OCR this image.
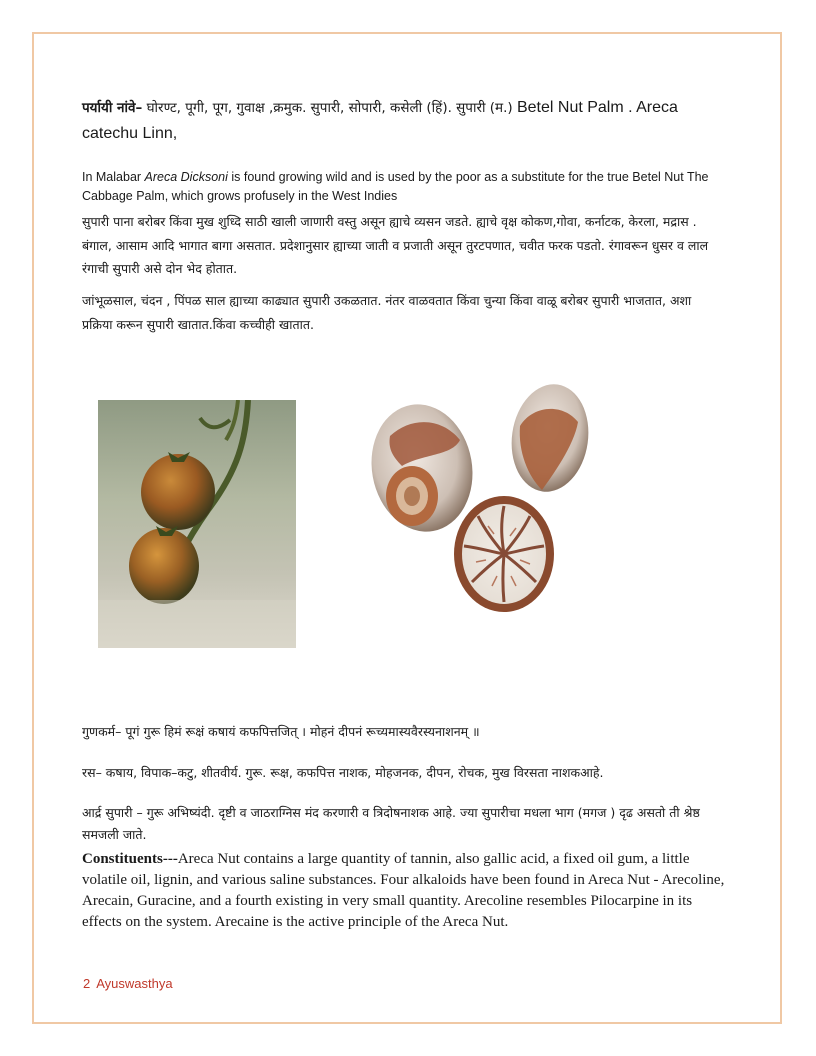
पर्यायी नांवे– घोरण्ट, पूगी, पूग, गुवाक्ष ,क्रमुक. सुपारी, सोपारी, कसेली (हिं). सुपारी (म.) Betel Nut Palm . Areca catechu Linn,
In Malabar Areca Dicksoni is found growing wild and is used by the poor as a substitute for the true Betel Nut The Cabbage Palm, which grows profusely in the West Indies
सुपारी पाना बरोबर किंवा मुख शुध्दि साठी खाली जाणारी वस्तु असून ह्याचे व्यसन जडते. ह्याचे वृक्ष कोकण,गोवा, कर्नाटक, केरला, मद्रास . बंगाल, आसाम आदि भागात बागा असतात. प्रदेशानुसार ह्याच्या जाती व प्रजाती असून तुरटपणात, चवीत फरक पडतो. रंगावरून धुसर व लाल रंगाची सुपारी असे दोन भेद होतात.
जांभूळसाल, चंदन , पिंपळ साल ह्याच्या काढ्यात सुपारी उकळतात. नंतर वाळवतात किंवा चुन्या किंवा वाळू बरोबर सुपारी भाजतात, अशा प्रक्रिया करून सुपारी खातात.किंवा कच्चीही खातात.
गुणकर्म– पूगं गुरू हिमं रूक्षं कषायं कफपित्तजित् । मोहनं दीपनं रूच्यमास्यवैरस्यनाशनम् ॥
रस– कषाय, विपाक–कटु, शीतवीर्य. गुरू. रूक्ष, कफपित्त नाशक, मोहजनक, दीपन, रोचक, मुख विरसता नाशकआहे.
आर्द्र सुपारी – गुरू अभिष्यंदी. दृष्टी व जाठराग्निस मंद करणारी व त्रिदोषनाशक आहे. ज्या सुपारीचा मधला भाग (मगज ) दृढ असतो ती श्रेष्ठ समजली जाते.
Constituents---Areca Nut contains a large quantity of tannin, also gallic acid, a fixed oil gum, a little volatile oil, lignin, and various saline substances. Four alkaloids have been found in Areca Nut - Arecoline, Arecain, Guracine, and a fourth existing in very small quantity. Arecoline resembles Pilocarpine in its effects on the system. Arecaine is the active principle of the Areca Nut.
2 Ayuswasthya
